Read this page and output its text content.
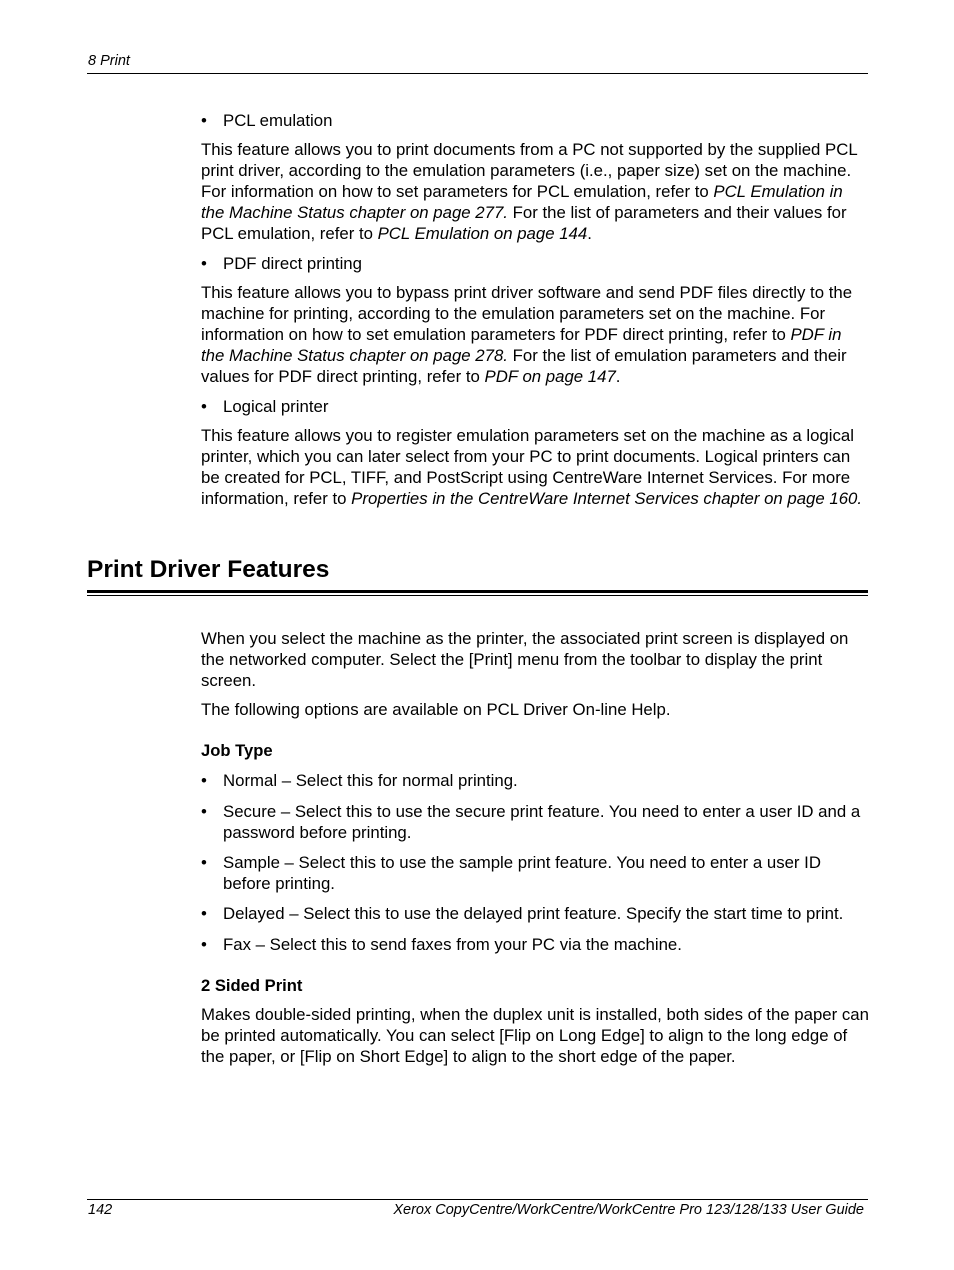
8 Print

• PCL emulation

This feature allows you to print documents from a PC not supported by the supplied PCL print driver, according to the emulation parameters (i.e., paper size) set on the machine. For information on how to set parameters for PCL emulation, refer to PCL Emulation in the Machine Status chapter on page 277. For the list of parameters and their values for PCL emulation, refer to PCL Emulation on page 144.

• PDF direct printing

This feature allows you to bypass print driver software and send PDF files directly to the machine for printing, according to the emulation parameters set on the machine. For information on how to set emulation parameters for PDF direct printing, refer to PDF in the Machine Status chapter on page 278. For the list of emulation parameters and their values for PDF direct printing, refer to PDF on page 147.

• Logical printer

This feature allows you to register emulation parameters set on the machine as a logical printer, which you can later select from your PC to print documents. Logical printers can be created for PCL, TIFF, and PostScript using CentreWare Internet Services. For more information, refer to Properties in the CentreWare Internet Services chapter on page 160.

Print Driver Features

When you select the machine as the printer, the associated print screen is displayed on the networked computer. Select the [Print] menu from the toolbar to display the print screen.

The following options are available on PCL Driver On-line Help.

Job Type

• Normal – Select this for normal printing.

• Secure – Select this to use the secure print feature. You need to enter a user ID and a password before printing.

• Sample – Select this to use the sample print feature. You need to enter a user ID before printing.

• Delayed – Select this to use the delayed print feature. Specify the start time to print.

• Fax – Select this to send faxes from your PC via the machine.

2 Sided Print

Makes double-sided printing, when the duplex unit is installed, both sides of the paper can be printed automatically. You can select [Flip on Long Edge] to align to the long edge of the paper, or [Flip on Short Edge] to align to the short edge of the paper.

142	Xerox CopyCentre/WorkCentre/WorkCentre Pro 123/128/133 User Guide
